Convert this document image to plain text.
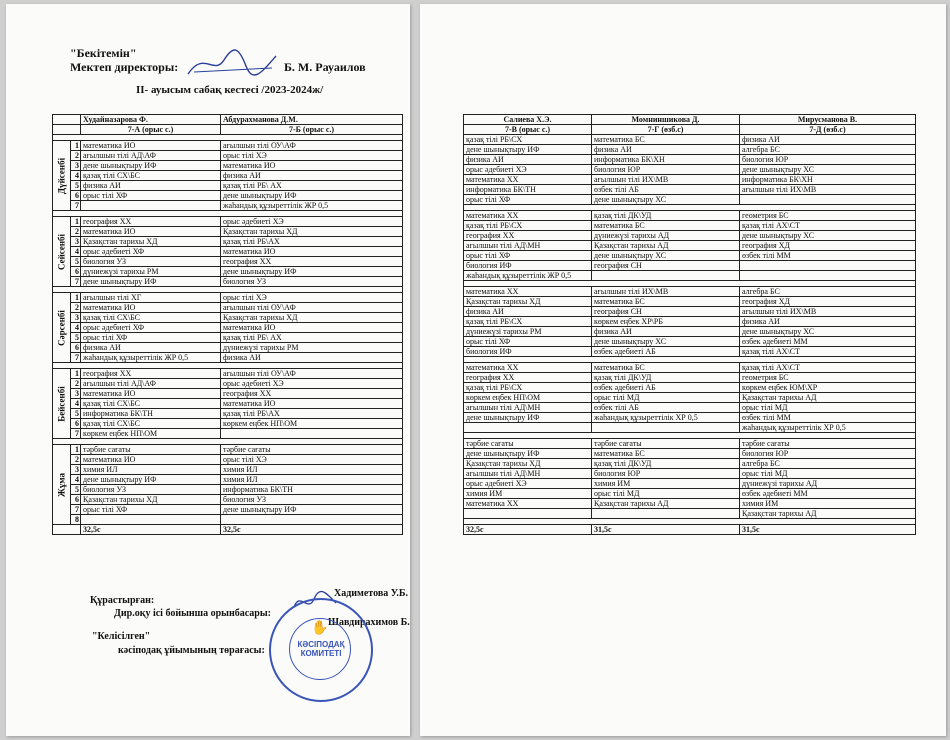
"Бекітемін"
Мектеп директоры:	Б. М. Рауаилов
II- ауысым сабақ кестесі /2023-2024ж/
		Худайназарова Ф.	Абдурахманова Д.М.
		7-А (орыс с.)	7-Б (орыс с.)

Дүйсенбі	1	математика ИО	ағылшын тілі ОУ\АФ
	2	ағылшын тілі АД\АФ	орыс тілі ХЭ
	3	дене шынықтыру ИФ	математика ИО
	4	қазақ тілі СХ\БС	физика АИ
	5	физика АИ	қазақ тілі РБ\ АХ
	6	орыс тілі ХФ	дене шынықтыру ИФ
	7		жаһандық құзыреттілік ЖР 0,5

Сейсенбі	1	география ХХ	орыс әдебиеті ХЭ
	2	математика ИО	Қазақстан тарихы ХД
	3	Қазақстан тарихы ХД	қазақ тілі РБ\АХ
	4	орыс әдебиеті ХФ	математика ИО
	5	биология УЗ	география ХХ
	6	дүниежүзі тарихы РМ	дене шынықтыру ИФ
	7	дене шынықтыру ИФ	биология УЗ

Сәрсенбі	1	ағылшын тілі ХГ	орыс тілі ХЭ
	2	математика ИО	ағылшын тілі ОУ\АФ
	3	қазақ тілі СХ\БС	Қазақстан тарихы ХД
	4	орыс әдебиеті ХФ	математика ИО
	5	орыс тілі ХФ	қазақ тілі РБ\ АХ
	6	физика АИ	дүниежүзі тарихы РМ
	7	жаһандық құзыреттілік ЖР 0,5	физика АИ

Бейсенбі	1	география ХХ	ағылшын тілі ОУ\АФ
	2	ағылшын тілі АД\АФ	орыс әдебиеті ХЭ
	3	математика ИО	география ХХ
	4	қазақ тілі СХ\БС	математика ИО
	5	информатика БК\ТН	қазақ тілі РБ\АХ
	6	қазақ тілі СХ\БС	көркем еңбек НП\ОМ
	7	көркем еңбек НП\ОМ	

Жұма	1	тәрбие сағаты	тәрбие сағаты
	2	математика ИО	орыс тілі ХЭ
	3	химия ИЛ	химия ИЛ
	4	дене шынықтыру ИФ	химия ИЛ
	5	биология УЗ	информатика БК\ТН
	6	Қазақстан тарихы ХД	биология УЗ
	7	орыс тілі ХФ	дене шынықтыру ИФ
	8		
		32,5с	32,5с
Құрастырған:
Дир.оқу ісі бойынша орынбасары:
Хадиметова У.Б.
"Келісілген"
кәсіподақ ұйымының төрағасы:
Шавдирахимов Б.
✋
КӘСІПОДАҚ
КОМИТЕТІ
Салиева Х.Э.	Момниншикова Д.	Мирусманова В.
7-В (орыс с.)	7-Г (өзб.с)	7-Д (өзб.с)
қазақ тілі РБ\СХ	математика БС	физика АИ
дене шынықтыру ИФ	физика АИ	алгебра БС
физика АИ	информатика БК\ХН	биология ЮР
орыс әдебиеті ХЭ	биология ЮР	дене шынықтыру ХС
математика ХХ	ағылшын тілі ИХ\МВ	информатика БК\ХН
информатика БК\ТН	өзбек тілі АБ	ағылшын тілі ИХ\МВ
орыс тілі ХФ	дене шынықтыру ХС	

математика ХХ	қазақ тілі ДК\УД	геометрия БС
қазақ тілі РБ\СХ	математика БС	қазақ тілі АХ\СТ
география ХХ	дүниежүзі тарихы АД	дене шынықтыру ХС
ағылшын тілі АД\МН	Қазақстан тарихы АД	география ХД
орыс тілі ХФ	дене шынықтыру ХС	өзбек тілі ММ
биология ИФ	география СН	
жаһандық құзыреттілік ЖР 0,5		

математика ХХ	ағылшын тілі ИХ\МВ	алгебра БС
Қазақстан тарихы ХД	математика БС	география ХД
физика АИ	география СН	ағылшын тілі ИХ\МВ
қазақ тілі РБ\СХ	көркем еңбек ХР\РБ	физика АИ
дүниежүзі тарихы РМ	физика АИ	дене шынықтыру ХС
орыс тілі ХФ	дене шынықтыру ХС	өзбек әдебиеті ММ
биология ИФ	өзбек әдебиеті АБ	қазақ тілі АХ\СТ

математика ХХ	математика БС	қазақ тілі АХ\СТ
география ХХ	қазақ тілі ДК\УД	геометрия БС
қазақ тілі РБ\СХ	өзбек әдебиеті АБ	көркем еңбек ЮМ\ХР
көркем еңбек НП\ОМ	орыс тілі МД	Қазақстан тарихы АД
ағылшын тілі АД\МН	өзбек тілі АБ	орыс тілі МД
дене шынықтыру ИФ	жаһандық құзыреттілік ХР 0,5	өзбек тілі ММ
		жаһандық құзыреттілік ХР 0,5

тәрбие сағаты	тәрбие сағаты	тәрбие сағаты
дене шынықтыру ИФ	математика БС	биология ЮР
Қазақстан тарихы ХД	қазақ тілі ДК\УД	алгебра БС
ағылшын тілі АД\МН	биология ЮР	орыс тілі МД
орыс әдебиеті ХЭ	химия ИМ	дүниежүзі тарихы АД
химия ИМ	орыс тілі МД	өзбек әдебиеті ММ
математика ХХ	Қазақстан тарихы АД	химия ИМ
		Қазақстан тарихы АД

32,5с	31,5с	31,5с
